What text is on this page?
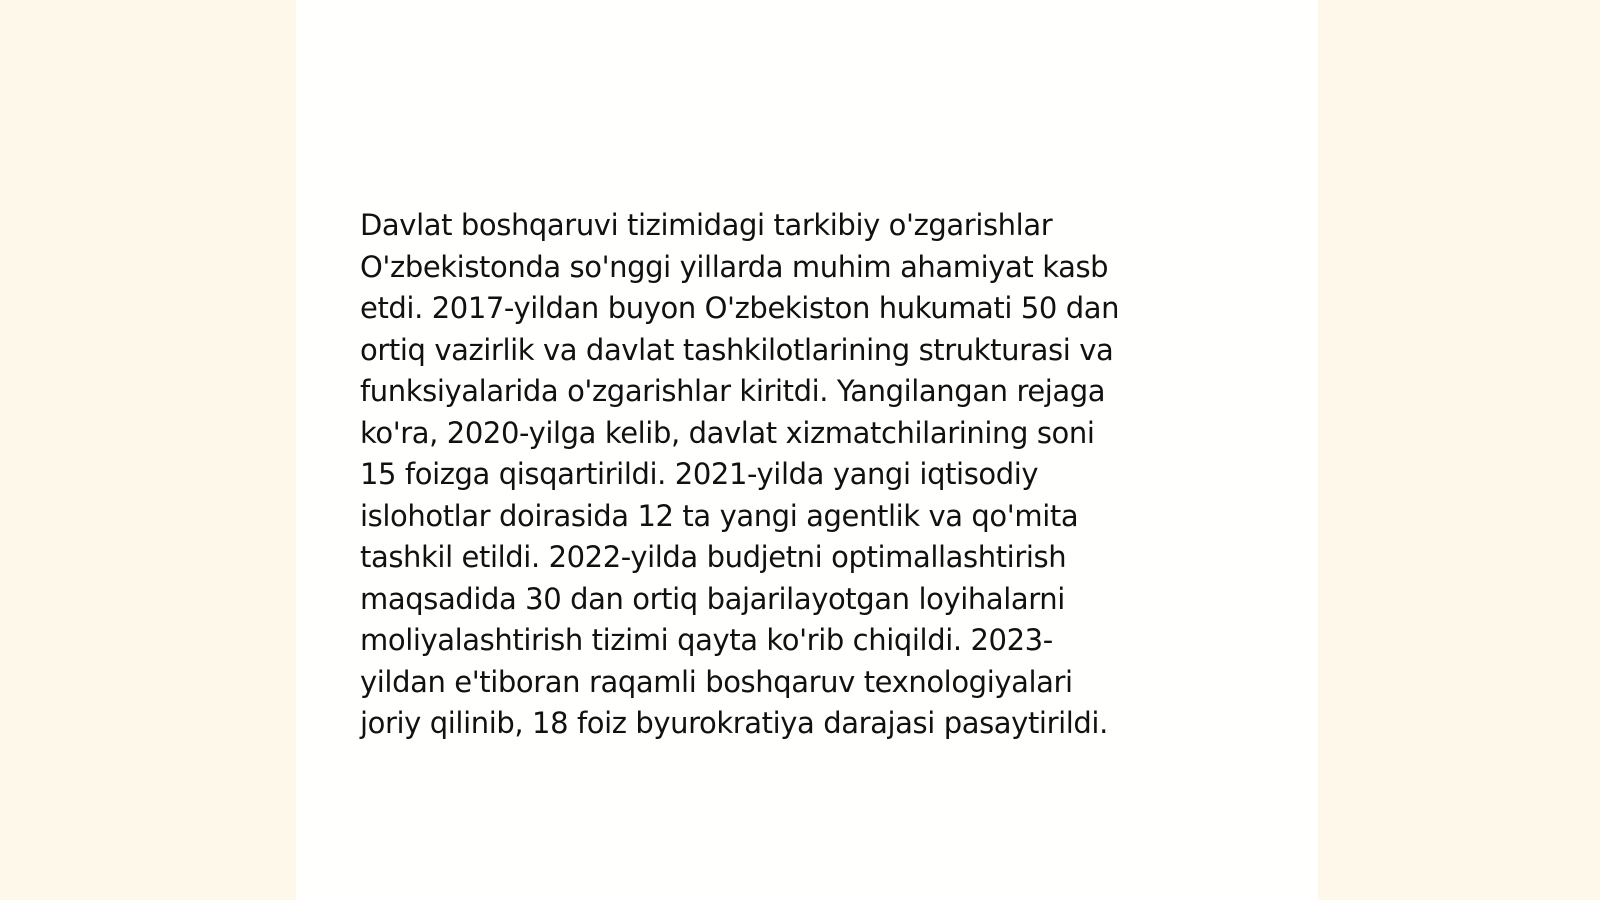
Davlat boshqaruvi tizimidagi tarkibiy o'zgarishlar
O'zbekistonda so'nggi yillarda muhim ahamiyat kasb
etdi. 2017-yildan buyon O'zbekiston hukumati 50 dan
ortiq vazirlik va davlat tashkilotlarining strukturasi va
funksiyalarida o'zgarishlar kiritdi. Yangilangan rejaga
ko'ra, 2020-yilga kelib, davlat xizmatchilarining soni
15 foizga qisqartirildi. 2021-yilda yangi iqtisodiy
islohotlar doirasida 12 ta yangi agentlik va qo'mita
tashkil etildi. 2022-yilda budjetni optimallashtirish
maqsadida 30 dan ortiq bajarilayotgan loyihalarni
moliyalashtirish tizimi qayta ko'rib chiqildi. 2023-
yildan e'tiboran raqamli boshqaruv texnologiyalari
joriy qilinib, 18 foiz byurokratiya darajasi pasaytirildi.
